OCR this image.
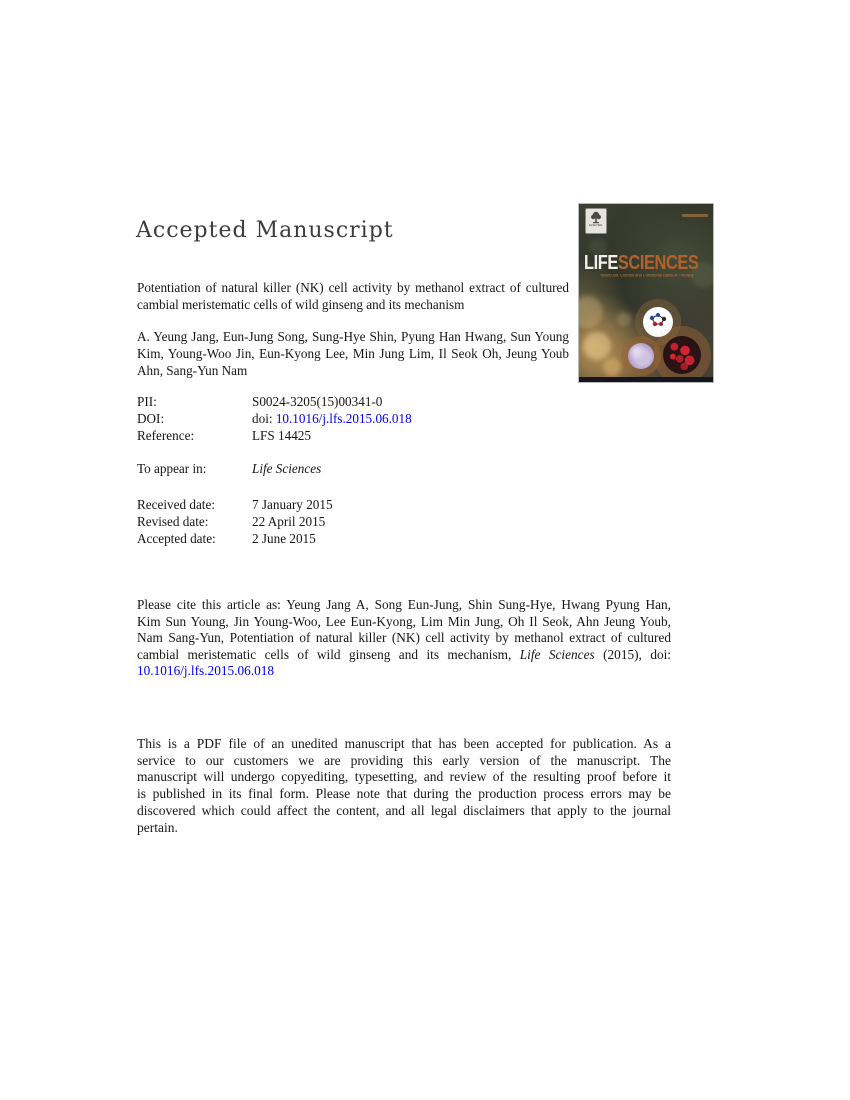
Accepted Manuscript
Potentiation of natural killer (NK) cell activity by methanol extract of cultured cambial meristematic cells of wild ginseng and its mechanism
A. Yeung Jang, Eun-Jung Song, Sung-Hye Shin, Pyung Han Hwang, Sun Young Kim, Young-Woo Jin, Eun-Kyong Lee, Min Jung Lim, Il Seok Oh, Jeung Youb Ahn, Sang-Yun Nam
PII:	S0024-3205(15)00341-0
DOI:	doi: 10.1016/j.lfs.2015.06.018
Reference:	LFS 14425
To appear in:	Life Sciences
Received date:	7 January 2015
Revised date:	22 April 2015
Accepted date:	2 June 2015
ELSEVIER
LIFESCIENCES
Molecular, Cellular and Functional Basis of Therapy
Please cite this article as: Yeung Jang A, Song Eun-Jung, Shin Sung-Hye, Hwang Pyung Han, Kim Sun Young, Jin Young-Woo, Lee Eun-Kyong, Lim Min Jung, Oh Il Seok, Ahn Jeung Youb, Nam Sang-Yun, Potentiation of natural killer (NK) cell activity by methanol extract of cultured cambial meristematic cells of wild ginseng and its mechanism, Life Sciences (2015), doi: 10.1016/j.lfs.2015.06.018
This is a PDF file of an unedited manuscript that has been accepted for publication. As a service to our customers we are providing this early version of the manuscript. The manuscript will undergo copyediting, typesetting, and review of the resulting proof before it is published in its final form. Please note that during the production process errors may be discovered which could affect the content, and all legal disclaimers that apply to the journal pertain.
